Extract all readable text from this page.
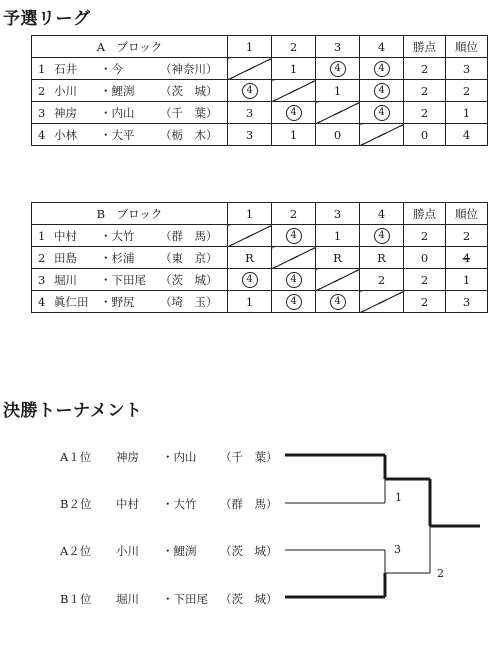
予選リーグ
A　ブロック	1	2	3	4	勝点	順位
1 石井 ・今 （神奈川）		1	4	4	2	3
2 小川 ・鯉渕 （茨　城）	4		1	4	2	2
3 神房 ・内山 （千　葉）	3	4		4	2	1
4 小林 ・大平 （栃　木）	3	1	0		0	4
B　ブロック	1	2	3	4	勝点	順位
1 中村 ・大竹 （群　馬）		4	1	4	2	2
2 田島 ・杉浦 （東　京）	R		R	R	0	4
3 堀川 ・下田尾 （茨　城）	4	4		2	2	1
4 眞仁田 ・野尻 （埼　玉）	1	4	4		2	3
決勝トーナメント
A１位 神房 ・内山 （千　葉）
B２位 中村 ・大竹 （群　馬）
A２位 小川 ・鯉渕 （茨　城）
B１位 堀川 ・下田尾 （茨　城）
1
3
2
